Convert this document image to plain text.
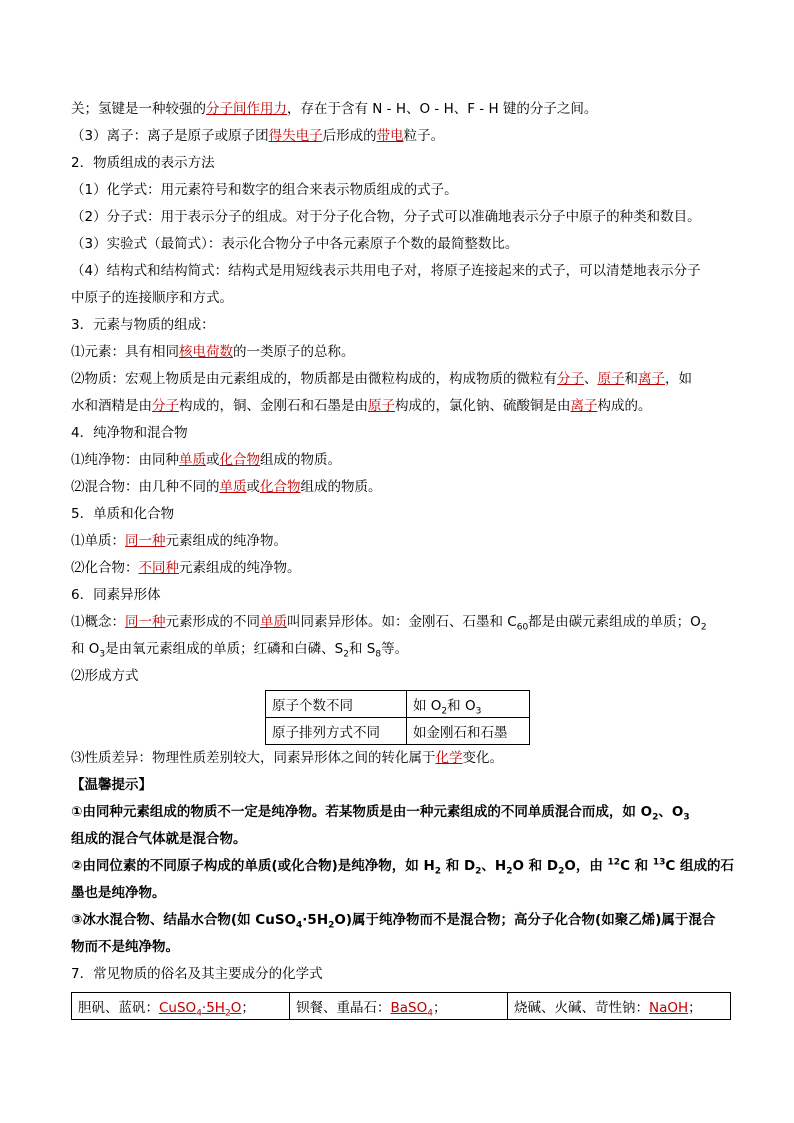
关；氢键是一种较强的分子间作用力，存在于含有 N - H、O - H、F - H 键的分子之间。
（3）离子：离子是原子或原子团得失电子后形成的带电粒子。
2．物质组成的表示方法
（1）化学式：用元素符号和数字的组合来表示物质组成的式子。
（2）分子式：用于表示分子的组成。对于分子化合物，分子式可以准确地表示分子中原子的种类和数目。
（3）实验式（最简式）：表示化合物分子中各元素原子个数的最简整数比。
（4）结构式和结构简式：结构式是用短线表示共用电子对，将原子连接起来的式子，可以清楚地表示分子
中原子的连接顺序和方式。
3．元素与物质的组成：
⑴元素：具有相同核电荷数的一类原子的总称。
⑵物质：宏观上物质是由元素组成的，物质都是由微粒构成的，构成物质的微粒有分子、原子和离子，如
水和酒精是由分子构成的，铜、金刚石和石墨是由原子构成的，氯化钠、硫酸铜是由离子构成的。
4．纯净物和混合物
⑴纯净物：由同种单质或化合物组成的物质。
⑵混合物：由几种不同的单质或化合物组成的物质。
5．单质和化合物
⑴单质：同一种元素组成的纯净物。
⑵化合物：不同种元素组成的纯净物。
6．同素异形体
⑴概念：同一种元素形成的不同单质叫同素异形体。如：金刚石、石墨和 $C_{60}$都是由碳元素组成的单质；$O_2$
和 $O_3$是由氧元素组成的单质；红磷和白磷、$S_2$和 $S_8$等。
⑵形成方式
原子个数不同	如 $O_2$和 $O_3$
原子排列方式不同	如金刚石和石墨
⑶性质差异：物理性质差别较大，同素异形体之间的转化属于化学变化。
【温馨提示】
①由同种元素组成的物质不一定是纯净物。若某物质是由一种元素组成的不同单质混合而成，如 $O_2$、$O_3$
组成的混合气体就是混合物。
②由同位素的不同原子构成的单质(或化合物)是纯净物，如 $H_2$ 和 $D_2$、$H_2O$ 和 $D_2O$，由 $^{12}$C 和 $^{13}$C 组成的石
墨也是纯净物。
③冰水混合物、结晶水合物(如 $CuSO_4\cdot 5H_2O$)属于纯净物而不是混合物；高分子化合物(如聚乙烯)属于混合
物而不是纯净物。
7．常见物质的俗名及其主要成分的化学式
胆矾、蓝矾：$CuSO_4\cdot 5H_2O$；	钡餐、重晶石：BaSO$_4$；	烧碱、火碱、苛性钠：NaOH；
